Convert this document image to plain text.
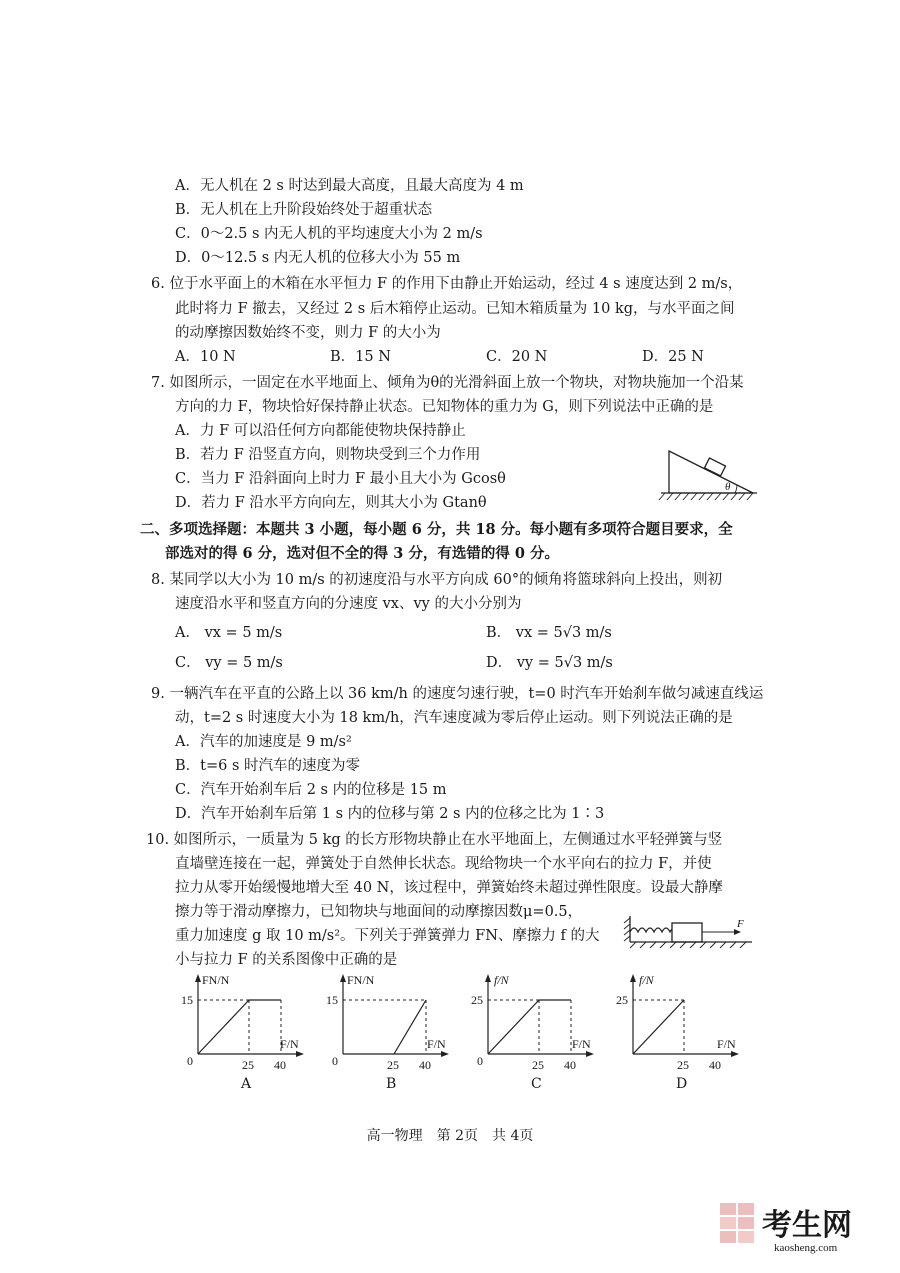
A．无人机在 2 s 时达到最大高度，且最大高度为 4 m
B．无人机在上升阶段始终处于超重状态
C．0～2.5 s 内无人机的平均速度大小为 2 m/s
D．0～12.5 s 内无人机的位移大小为 55 m
6. 位于水平面上的木箱在水平恒力 F 的作用下由静止开始运动，经过 4 s 速度达到 2 m/s，
此时将力 F 撤去，又经过 2 s 后木箱停止运动。已知木箱质量为 10 kg，与水平面之间
的动摩擦因数始终不变，则力 F 的大小为
A．10 N	B．15 N	C．20 N	D．25 N
7. 如图所示，一固定在水平地面上、倾角为θ的光滑斜面上放一个物块，对物块施加一个沿某
方向的力 F，物块恰好保持静止状态。已知物体的重力为 G，则下列说法中正确的是
A．力 F 可以沿任何方向都能使物块保持静止
B．若力 F 沿竖直方向，则物块受到三个力作用
C．当力 F 沿斜面向上时力 F 最小且大小为 Gcosθ
D．若力 F 沿水平方向向左，则其大小为 Gtanθ
θ
二、多项选择题：本题共 3 小题，每小题 6 分，共 18 分。每小题有多项符合题目要求，全
部选对的得 6 分，选对但不全的得 3 分，有选错的得 0 分。
8. 某同学以大小为 10 m/s 的初速度沿与水平方向成 60°的倾角将篮球斜向上投出，则初
速度沿水平和竖直方向的分速度 vx、vy 的大小分别为
A． vx = 5 m/s	B． vx = 5√3 m/s
C． vy = 5 m/s	D． vy = 5√3 m/s
9. 一辆汽车在平直的公路上以 36 km/h 的速度匀速行驶，t=0 时汽车开始刹车做匀减速直线运
动，t=2 s 时速度大小为 18 km/h，汽车速度减为零后停止运动。则下列说法正确的是
A．汽车的加速度是 9 m/s²
B．t=6 s 时汽车的速度为零
C．汽车开始刹车后 2 s 内的位移是 15 m
D．汽车开始刹车后第 1 s 内的位移与第 2 s 内的位移之比为 1∶3
10. 如图所示，一质量为 5 kg 的长方形物块静止在水平地面上，左侧通过水平轻弹簧与竖
直墙壁连接在一起，弹簧处于自然伸长状态。现给物块一个水平向右的拉力 F，并使
拉力从零开始缓慢地增大至 40 N，该过程中，弹簧始终未超过弹性限度。设最大静摩
擦力等于滑动摩擦力，已知物块与地面间的动摩擦因数μ=0.5，
重力加速度 g 取 10 m/s²。下列关于弹簧弹力 FN、摩擦力 f 的大
小与拉力 F 的关系图像中正确的是
F
FN/N
15
0	25 40
F/N
A
FN/N
15
0	25 40
F/N
B
f/N
25
0	25 40
F/N
C
f/N
25
25 40
F/N
D
高一物理　第 2页　共 4页
考生网
kaosheng.com
